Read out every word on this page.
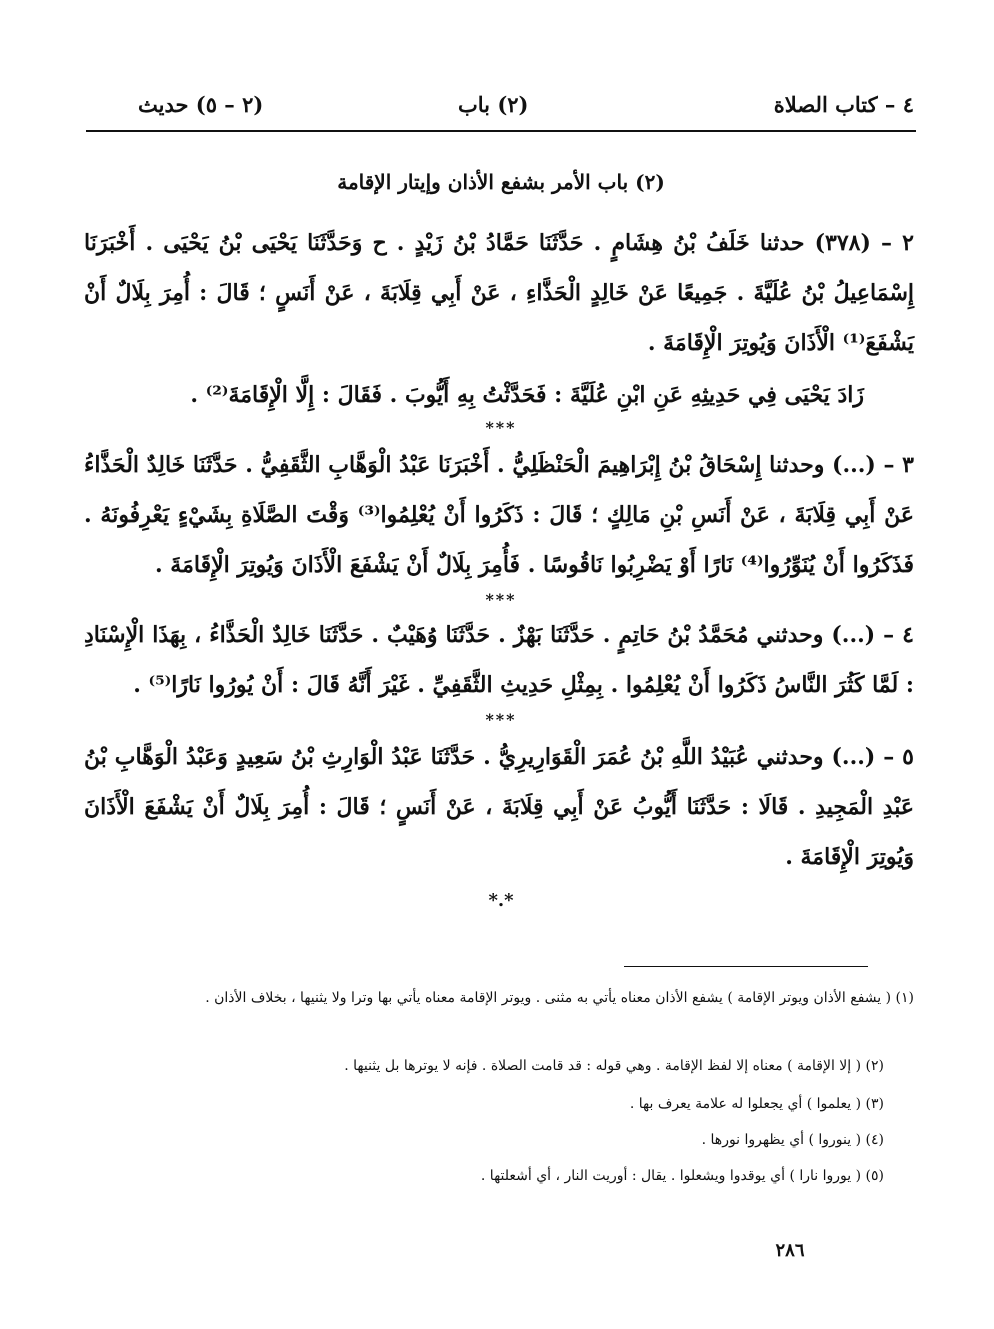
٤ – كتاب الصلاة
(٢) باب
(٢ – ٥) حديث
(٢) باب الأمر بشفع الأذان وإيتار الإقامة
٢ – (٣٧٨) حدثنا خَلَفُ بْنُ هِشَامٍ . حَدَّثَنَا حَمَّادُ بْنُ زَيْدٍ . ح وَحَدَّثَنَا يَحْيَى بْنُ يَحْيَى . أَخْبَرَنَا إِسْمَاعِيلُ بْنُ عُلَيَّةَ . جَمِيعًا عَنْ خَالِدٍ الْحَذَّاءِ ، عَنْ أَبِي قِلَابَةَ ، عَنْ أَنَسٍ ؛ قَالَ : أُمِرَ بِلَالٌ أَنْ يَشْفَعَ⁽¹⁾ الْأَذَانَ وَيُوتِرَ الْإِقَامَةَ .
زَادَ يَحْيَى فِي حَدِيثِهِ عَنِ ابْنِ عُلَيَّةَ : فَحَدَّثْتُ بِهِ أَيُّوبَ . فَقَالَ : إِلَّا الْإِقَامَةَ⁽²⁾ .
***
٣ – (...) وحدثنا إِسْحَاقُ بْنُ إِبْرَاهِيمَ الْحَنْظَلِيُّ . أَخْبَرَنَا عَبْدُ الْوَهَّابِ الثَّقَفِيُّ . حَدَّثَنَا خَالِدٌ الْحَذَّاءُ عَنْ أَبِي قِلَابَةَ ، عَنْ أَنَسِ بْنِ مَالِكٍ ؛ قَالَ : ذَكَرُوا أَنْ يُعْلِمُوا⁽³⁾ وَقْتَ الصَّلَاةِ بِشَيْءٍ يَعْرِفُونَهُ . فَذَكَرُوا أَنْ يُنَوِّرُوا⁽⁴⁾ نَارًا أَوْ يَضْرِبُوا نَاقُوسًا . فَأُمِرَ بِلَالٌ أَنْ يَشْفَعَ الْأَذَانَ وَيُوتِرَ الْإِقَامَةَ .
***
٤ – (...) وحدثني مُحَمَّدُ بْنُ حَاتِمٍ . حَدَّثَنَا بَهْزٌ . حَدَّثَنَا وُهَيْبٌ . حَدَّثَنَا خَالِدٌ الْحَذَّاءُ ، بِهَذَا الْإِسْنَادِ : لَمَّا كَثُرَ النَّاسُ ذَكَرُوا أَنْ يُعْلِمُوا . بِمِثْلِ حَدِيثِ الثَّقَفِيِّ . غَيْرَ أَنَّهُ قَالَ : أَنْ يُورُوا نَارًا⁽⁵⁾ .
***
٥ – (...) وحدثني عُبَيْدُ اللَّهِ بْنُ عُمَرَ الْقَوَارِيرِيُّ . حَدَّثَنَا عَبْدُ الْوَارِثِ بْنُ سَعِيدٍ وَعَبْدُ الْوَهَّابِ بْنُ عَبْدِ الْمَجِيدِ . قَالَا : حَدَّثَنَا أَيُّوبُ عَنْ أَبِي قِلَابَةَ ، عَنْ أَنَسٍ ؛ قَالَ : أُمِرَ بِلَالٌ أَنْ يَشْفَعَ الْأَذَانَ وَيُوتِرَ الْإِقَامَةَ .
*.*
(١) ( يشفع الأذان ويوتر الإقامة ) يشفع الأذان معناه يأتي به مثنى . ويوتر الإقامة معناه يأتي بها وترا ولا يثنيها ، بخلاف الأذان .
(٢) ( إلا الإقامة ) معناه إلا لفظ الإقامة . وهي قوله : قد قامت الصلاة . فإنه لا يوترها بل يثنيها .
(٣) ( يعلموا ) أي يجعلوا له علامة يعرف بها .
(٤) ( ينوروا ) أي يظهروا نورها .
(٥) ( يوروا نارا ) أي يوقدوا ويشعلوا . يقال : أوريت النار ، أي أشعلتها .
٢٨٦
